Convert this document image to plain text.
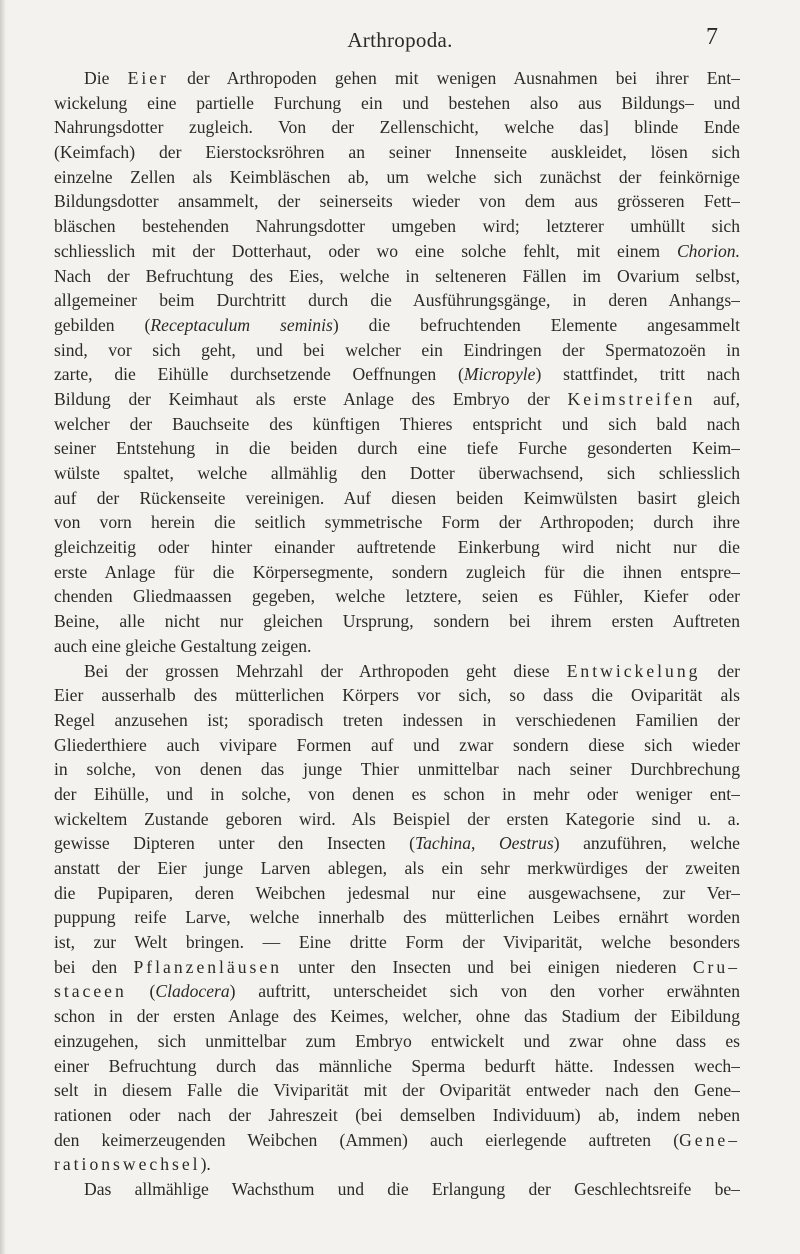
Arthropoda.	7
Die Eier der Arthropoden gehen mit wenigen Ausnahmen bei ihrer Ent–
wickelung eine partielle Furchung ein und bestehen also aus Bildungs– und
Nahrungsdotter zugleich. Von der Zellenschicht, welche das] blinde Ende
(Keimfach) der Eierstocksröhren an seiner Innenseite auskleidet, lösen sich
einzelne Zellen als Keimbläschen ab, um welche sich zunächst der feinkörnige
Bildungsdotter ansammelt, der seinerseits wieder von dem aus grösseren Fett–
bläschen bestehenden Nahrungsdotter umgeben wird; letzterer umhüllt sich
schliesslich mit der Dotterhaut, oder wo eine solche fehlt, mit einem Chorion.
Nach der Befruchtung des Eies, welche in selteneren Fällen im Ovarium selbst,
allgemeiner beim Durchtritt durch die Ausführungsgänge, in deren Anhangs–
gebilden (Receptaculum seminis) die befruchtenden Elemente angesammelt
sind, vor sich geht, und bei welcher ein Eindringen der Spermatozoën in
zarte, die Eihülle durchsetzende Oeffnungen (Micropyle) stattfindet, tritt nach
Bildung der Keimhaut als erste Anlage des Embryo der Keimstreifen auf,
welcher der Bauchseite des künftigen Thieres entspricht und sich bald nach
seiner Entstehung in die beiden durch eine tiefe Furche gesonderten Keim–
wülste spaltet, welche allmählig den Dotter überwachsend, sich schliesslich
auf der Rückenseite vereinigen. Auf diesen beiden Keimwülsten basirt gleich
von vorn herein die seitlich symmetrische Form der Arthropoden; durch ihre
gleichzeitig oder hinter einander auftretende Einkerbung wird nicht nur die
erste Anlage für die Körpersegmente, sondern zugleich für die ihnen entspre–
chenden Gliedmaassen gegeben, welche letztere, seien es Fühler, Kiefer oder
Beine, alle nicht nur gleichen Ursprung, sondern bei ihrem ersten Auftreten
auch eine gleiche Gestaltung zeigen.
Bei der grossen Mehrzahl der Arthropoden geht diese Entwickelung der
Eier ausserhalb des mütterlichen Körpers vor sich, so dass die Oviparität als
Regel anzusehen ist; sporadisch treten indessen in verschiedenen Familien der
Gliederthiere auch vivipare Formen auf und zwar sondern diese sich wieder
in solche, von denen das junge Thier unmittelbar nach seiner Durchbrechung
der Eihülle, und in solche, von denen es schon in mehr oder weniger ent–
wickeltem Zustande geboren wird. Als Beispiel der ersten Kategorie sind u. a.
gewisse Dipteren unter den Insecten (Tachina, Oestrus) anzuführen, welche
anstatt der Eier junge Larven ablegen, als ein sehr merkwürdiges der zweiten
die Pupiparen, deren Weibchen jedesmal nur eine ausgewachsene, zur Ver–
puppung reife Larve, welche innerhalb des mütterlichen Leibes ernährt worden
ist, zur Welt bringen. — Eine dritte Form der Viviparität, welche besonders
bei den Pflanzenläusen unter den Insecten und bei einigen niederen Cru–
staceen (Cladocera) auftritt, unterscheidet sich von den vorher erwähnten
schon in der ersten Anlage des Keimes, welcher, ohne das Stadium der Eibildung
einzugehen, sich unmittelbar zum Embryo entwickelt und zwar ohne dass es
einer Befruchtung durch das männliche Sperma bedurft hätte. Indessen wech–
selt in diesem Falle die Viviparität mit der Oviparität entweder nach den Gene–
rationen oder nach der Jahreszeit (bei demselben Individuum) ab, indem neben
den keimerzeugenden Weibchen (Ammen) auch eierlegende auftreten (Gene–
rationswechsel).
Das allmählige Wachsthum und die Erlangung der Geschlechtsreife be–
